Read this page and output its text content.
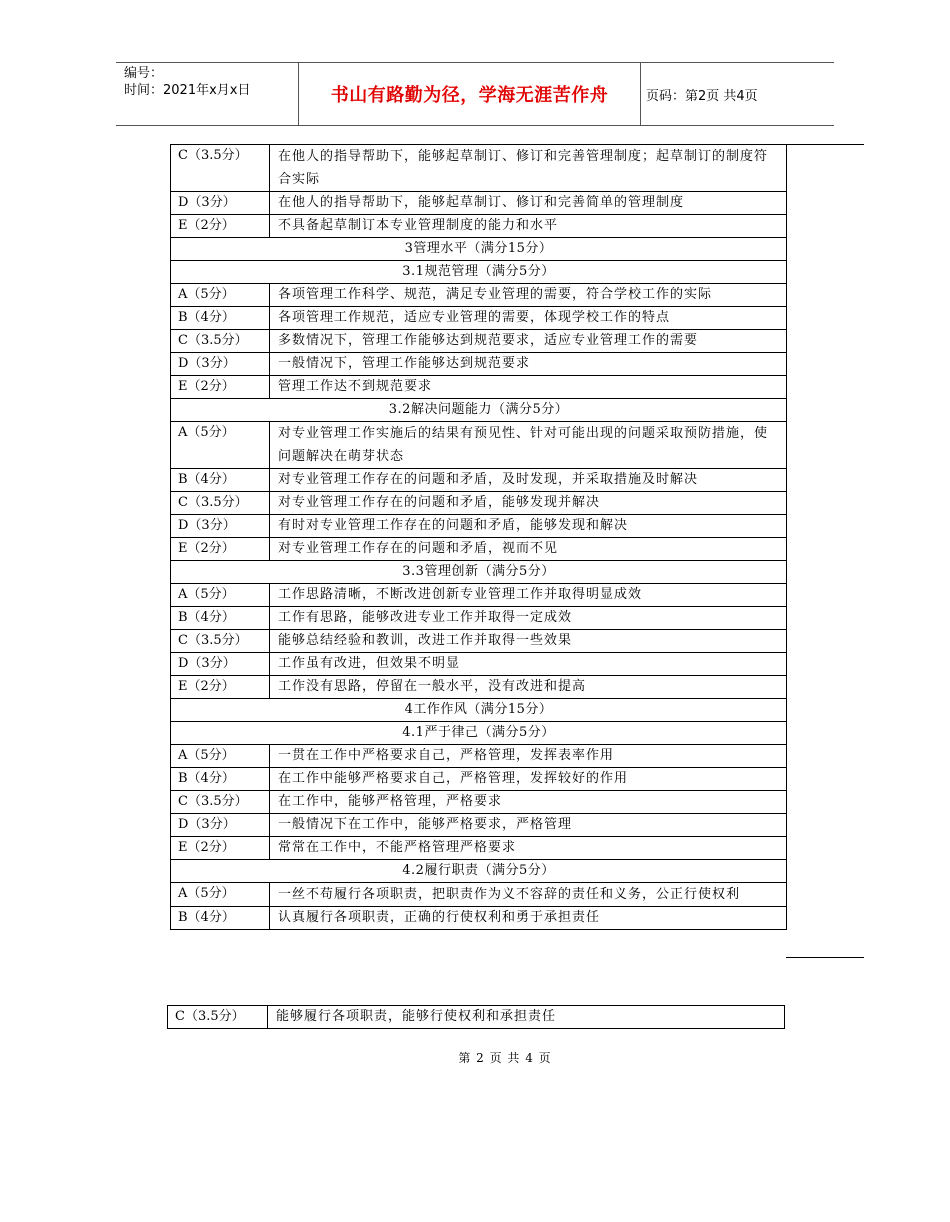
编号：
时间：2021年x月x日	书山有路勤为径，学海无涯苦作舟	页码：第2页 共4页
C（3.5分）	在他人的指导帮助下，能够起草制订、修订和完善管理制度；起草制订的制度符合实际
D（3分）	在他人的指导帮助下，能够起草制订、修订和完善简单的管理制度
E（2分）	不具备起草制订本专业管理制度的能力和水平
3管理水平（满分15分）	
3.1规范管理（满分5分）	
A（5分）	各项管理工作科学、规范，满足专业管理的需要，符合学校工作的实际
B（4分）	各项管理工作规范，适应专业管理的需要，体现学校工作的特点
C（3.5分）	多数情况下，管理工作能够达到规范要求，适应专业管理工作的需要
D（3分）	一般情况下，管理工作能够达到规范要求
E（2分）	管理工作达不到规范要求
3.2解决问题能力（满分5分）	
A（5分）	对专业管理工作实施后的结果有预见性、针对可能出现的问题采取预防措施，使问题解决在萌芽状态
B（4分）	对专业管理工作存在的问题和矛盾，及时发现，并采取措施及时解决
C（3.5分）	对专业管理工作存在的问题和矛盾，能够发现并解决
D（3分）	有时对专业管理工作存在的问题和矛盾，能够发现和解决
E（2分）	对专业管理工作存在的问题和矛盾，视而不见
3.3管理创新（满分5分）	
A（5分）	工作思路清晰，不断改进创新专业管理工作并取得明显成效
B（4分）	工作有思路，能够改进专业工作并取得一定成效
C（3.5分）	能够总结经验和教训，改进工作并取得一些效果
D（3分）	工作虽有改进，但效果不明显
E（2分）	工作没有思路，停留在一般水平，没有改进和提高
4工作作风（满分15分）	
4.1严于律己（满分5分）	
A（5分）	一贯在工作中严格要求自己，严格管理，发挥表率作用
B（4分）	在工作中能够严格要求自己，严格管理，发挥较好的作用
C（3.5分）	在工作中，能够严格管理，严格要求
D（3分）	一般情况下在工作中，能够严格要求，严格管理
E（2分）	常常在工作中，不能严格管理严格要求
4.2履行职责（满分5分）	
A（5分）	一丝不苟履行各项职责，把职责作为义不容辞的责任和义务，公正行使权利
B（4分）	认真履行各项职责，正确的行使权利和勇于承担责任
C（3.5分）	能够履行各项职责，能够行使权利和承担责任
第 2 页 共 4 页
